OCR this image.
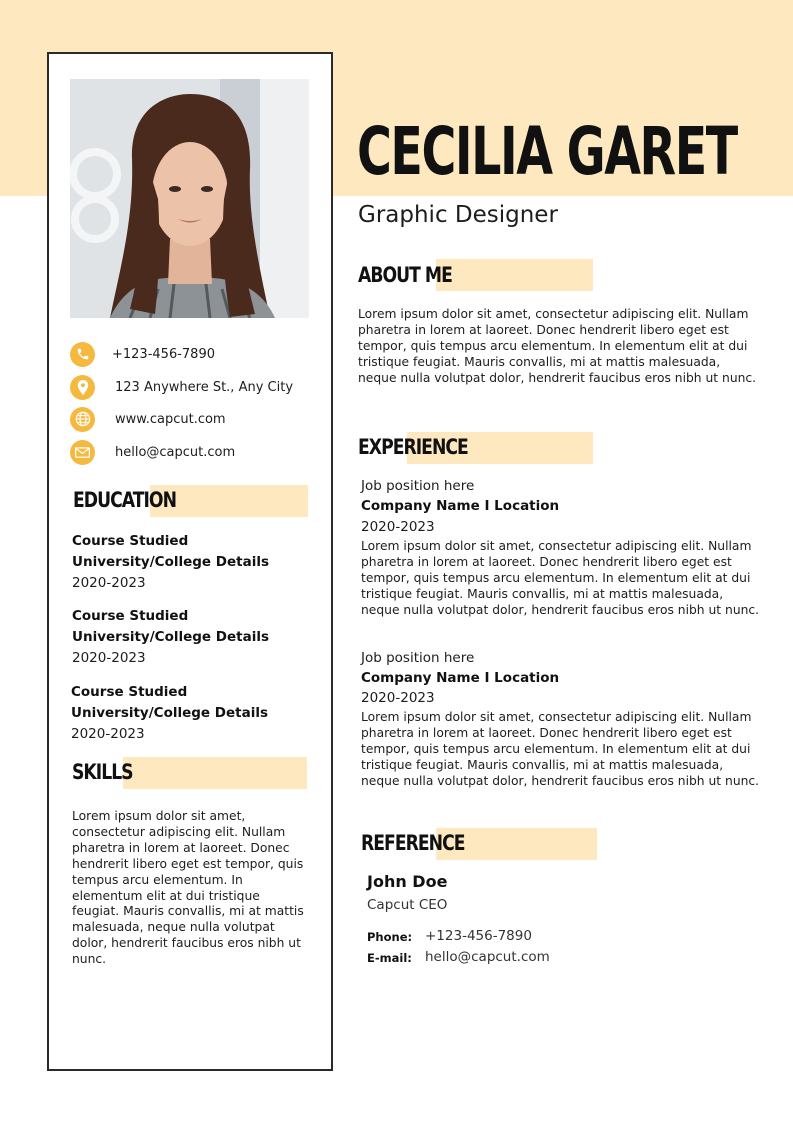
+123-456-7890
123 Anywhere St., Any City
www.capcut.com
hello@capcut.com
EDUCATION
Course Studied
University/College Details
2020-2023
Course Studied
University/College Details
2020-2023
Course Studied
University/College Details
2020-2023
SKILLS
Lorem ipsum dolor sit amet, consectetur adipiscing elit. Nullam pharetra in lorem at laoreet. Donec hendrerit libero eget est tempor, quis tempus arcu elementum. In elementum elit at dui tristique feugiat. Mauris convallis, mi at mattis malesuada, neque nulla volutpat dolor, hendrerit faucibus eros nibh ut nunc.
CECILIA GARET
Graphic Designer
ABOUT ME
Lorem ipsum dolor sit amet, consectetur adipiscing elit. Nullam pharetra in lorem at laoreet. Donec hendrerit libero eget est tempor, quis tempus arcu elementum. In elementum elit at dui tristique feugiat. Mauris convallis, mi at mattis malesuada, neque nulla volutpat dolor, hendrerit faucibus eros nibh ut nunc.
EXPERIENCE
Job position here
Company Name I Location
2020-2023
Lorem ipsum dolor sit amet, consectetur adipiscing elit. Nullam pharetra in lorem at laoreet. Donec hendrerit libero eget est tempor, quis tempus arcu elementum. In elementum elit at dui tristique feugiat. Mauris convallis, mi at mattis malesuada, neque nulla volutpat dolor, hendrerit faucibus eros nibh ut nunc.
Job position here
Company Name I Location
2020-2023
Lorem ipsum dolor sit amet, consectetur adipiscing elit. Nullam pharetra in lorem at laoreet. Donec hendrerit libero eget est tempor, quis tempus arcu elementum. In elementum elit at dui tristique feugiat. Mauris convallis, mi at mattis malesuada, neque nulla volutpat dolor, hendrerit faucibus eros nibh ut nunc.
REFERENCE
John Doe
Capcut CEO
Phone: +123-456-7890
E-mail: hello@capcut.com
